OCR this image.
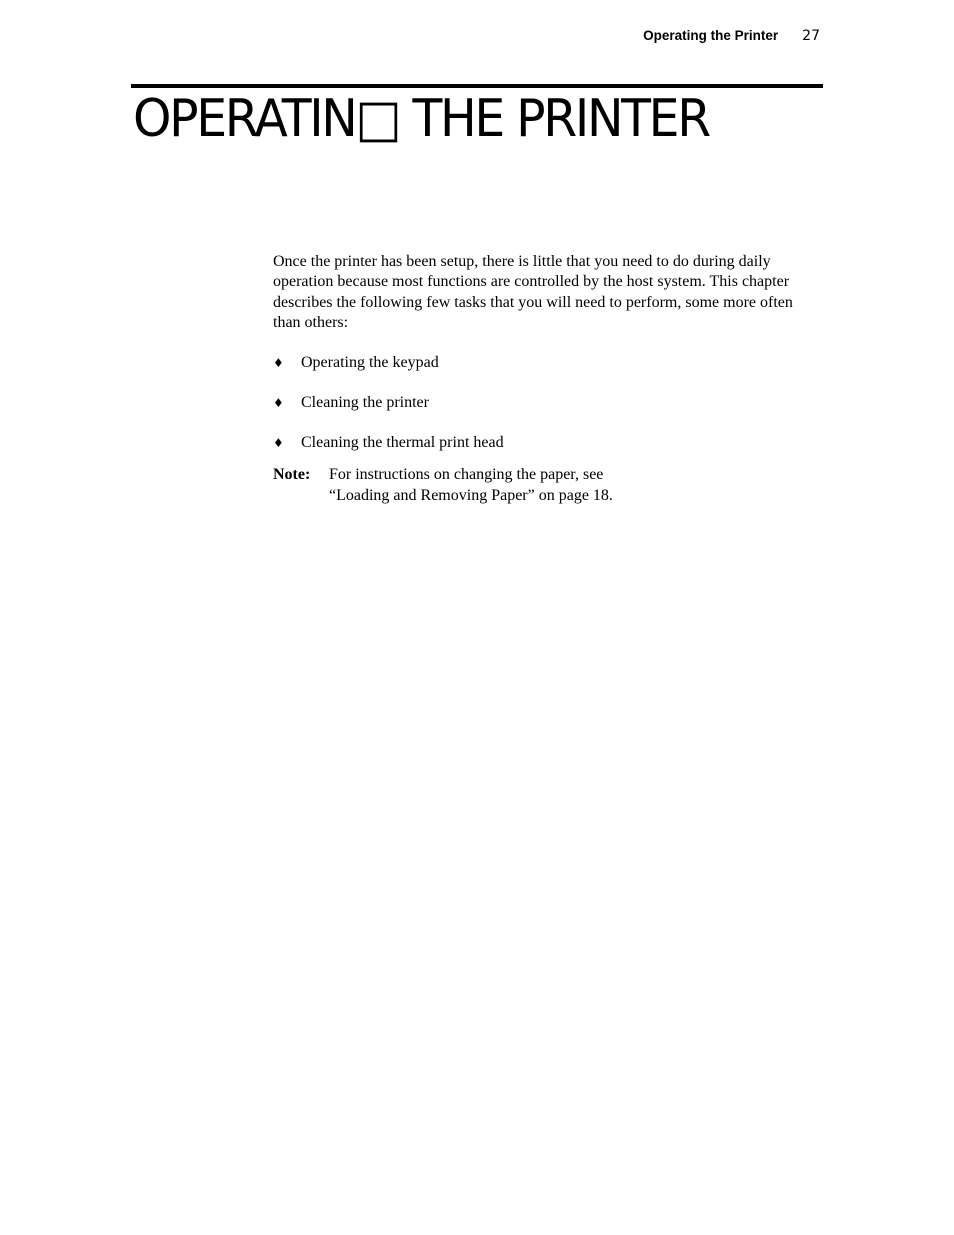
Operating the Printer 27
OPERATIN□ THE PRINTER

Once the printer has been setup, there is little that you need to do during daily operation because most functions are controlled by the host system. This chapter describes the following few tasks that you will need to perform, some more often than others:

♦	Operating the keypad
♦	Cleaning the printer
♦	Cleaning the thermal print head
Note:	For instructions on changing the paper, see
“Loading and Removing Paper” on page 18.
